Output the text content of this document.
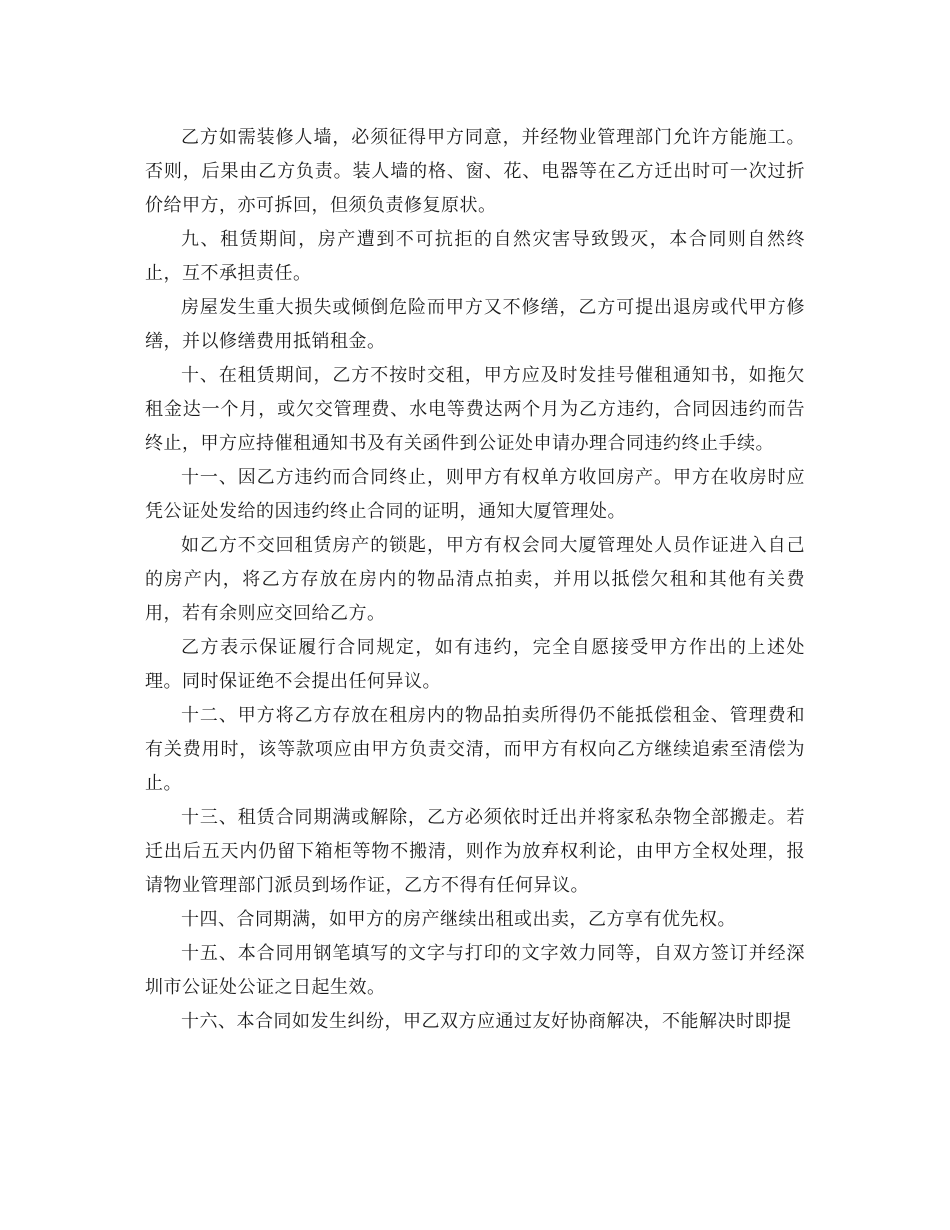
乙方如需装修人墙，必须征得甲方同意，并经物业管理部门允许方能施工。否则，后果由乙方负责。装人墙的格、窗、花、电器等在乙方迁出时可一次过折价给甲方，亦可拆回，但须负责修复原状。

九、租赁期间，房产遭到不可抗拒的自然灾害导致毁灭，本合同则自然终止，互不承担责任。

房屋发生重大损失或倾倒危险而甲方又不修缮，乙方可提出退房或代甲方修缮，并以修缮费用抵销租金。

十、在租赁期间，乙方不按时交租，甲方应及时发挂号催租通知书，如拖欠租金达一个月，或欠交管理费、水电等费达两个月为乙方违约，合同因违约而告终止，甲方应持催租通知书及有关函件到公证处申请办理合同违约终止手续。

十一、因乙方违约而合同终止，则甲方有权单方收回房产。甲方在收房时应凭公证处发给的因违约终止合同的证明，通知大厦管理处。

如乙方不交回租赁房产的锁匙，甲方有权会同大厦管理处人员作证进入自己的房产内，将乙方存放在房内的物品清点拍卖，并用以抵偿欠租和其他有关费用，若有余则应交回给乙方。

乙方表示保证履行合同规定，如有违约，完全自愿接受甲方作出的上述处理。同时保证绝不会提出任何异议。

十二、甲方将乙方存放在租房内的物品拍卖所得仍不能抵偿租金、管理费和有关费用时，该等款项应由甲方负责交清，而甲方有权向乙方继续追索至清偿为止。

十三、租赁合同期满或解除，乙方必须依时迁出并将家私杂物全部搬走。若迁出后五天内仍留下箱柜等物不搬清，则作为放弃权利论，由甲方全权处理，报请物业管理部门派员到场作证，乙方不得有任何异议。

十四、合同期满，如甲方的房产继续出租或出卖，乙方享有优先权。

十五、本合同用钢笔填写的文字与打印的文字效力同等，自双方签订并经深圳市公证处公证之日起生效。

十六、本合同如发生纠纷，甲乙双方应通过友好协商解决，不能解决时即提
